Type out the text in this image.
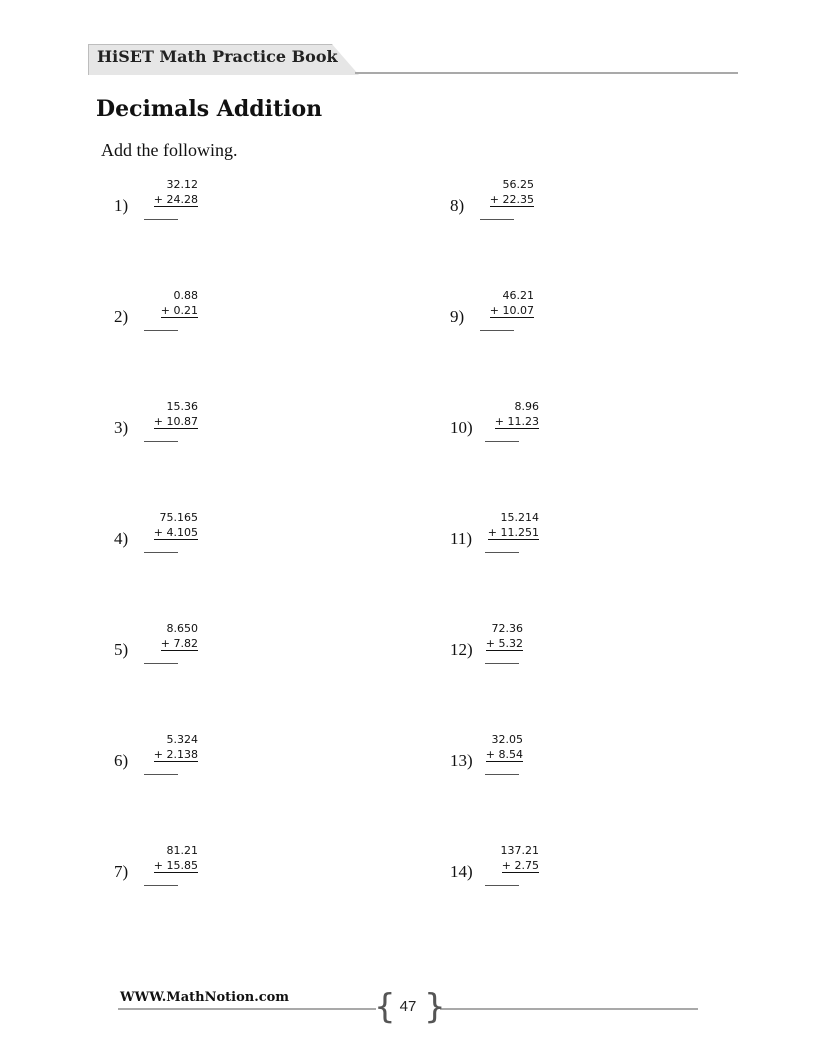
HiSET Math Practice Book
Decimals Addition
Add the following.
1)
32.12
+ 24.28
2)
0.88
+ 0.21
3)
15.36
+ 10.87
4)
75.165
+ 4.105
5)
8.650
+ 7.82
6)
5.324
+ 2.138
7)
81.21
+ 15.85
8)
56.25
+ 22.35
9)
46.21
+ 10.07
10)
8.96
+ 11.23
11)
15.214
+ 11.251
12)
72.36
+ 5.32
13)
32.05
+ 8.54
14)
137.21
+ 2.75
WWW.MathNotion.com { }
47
